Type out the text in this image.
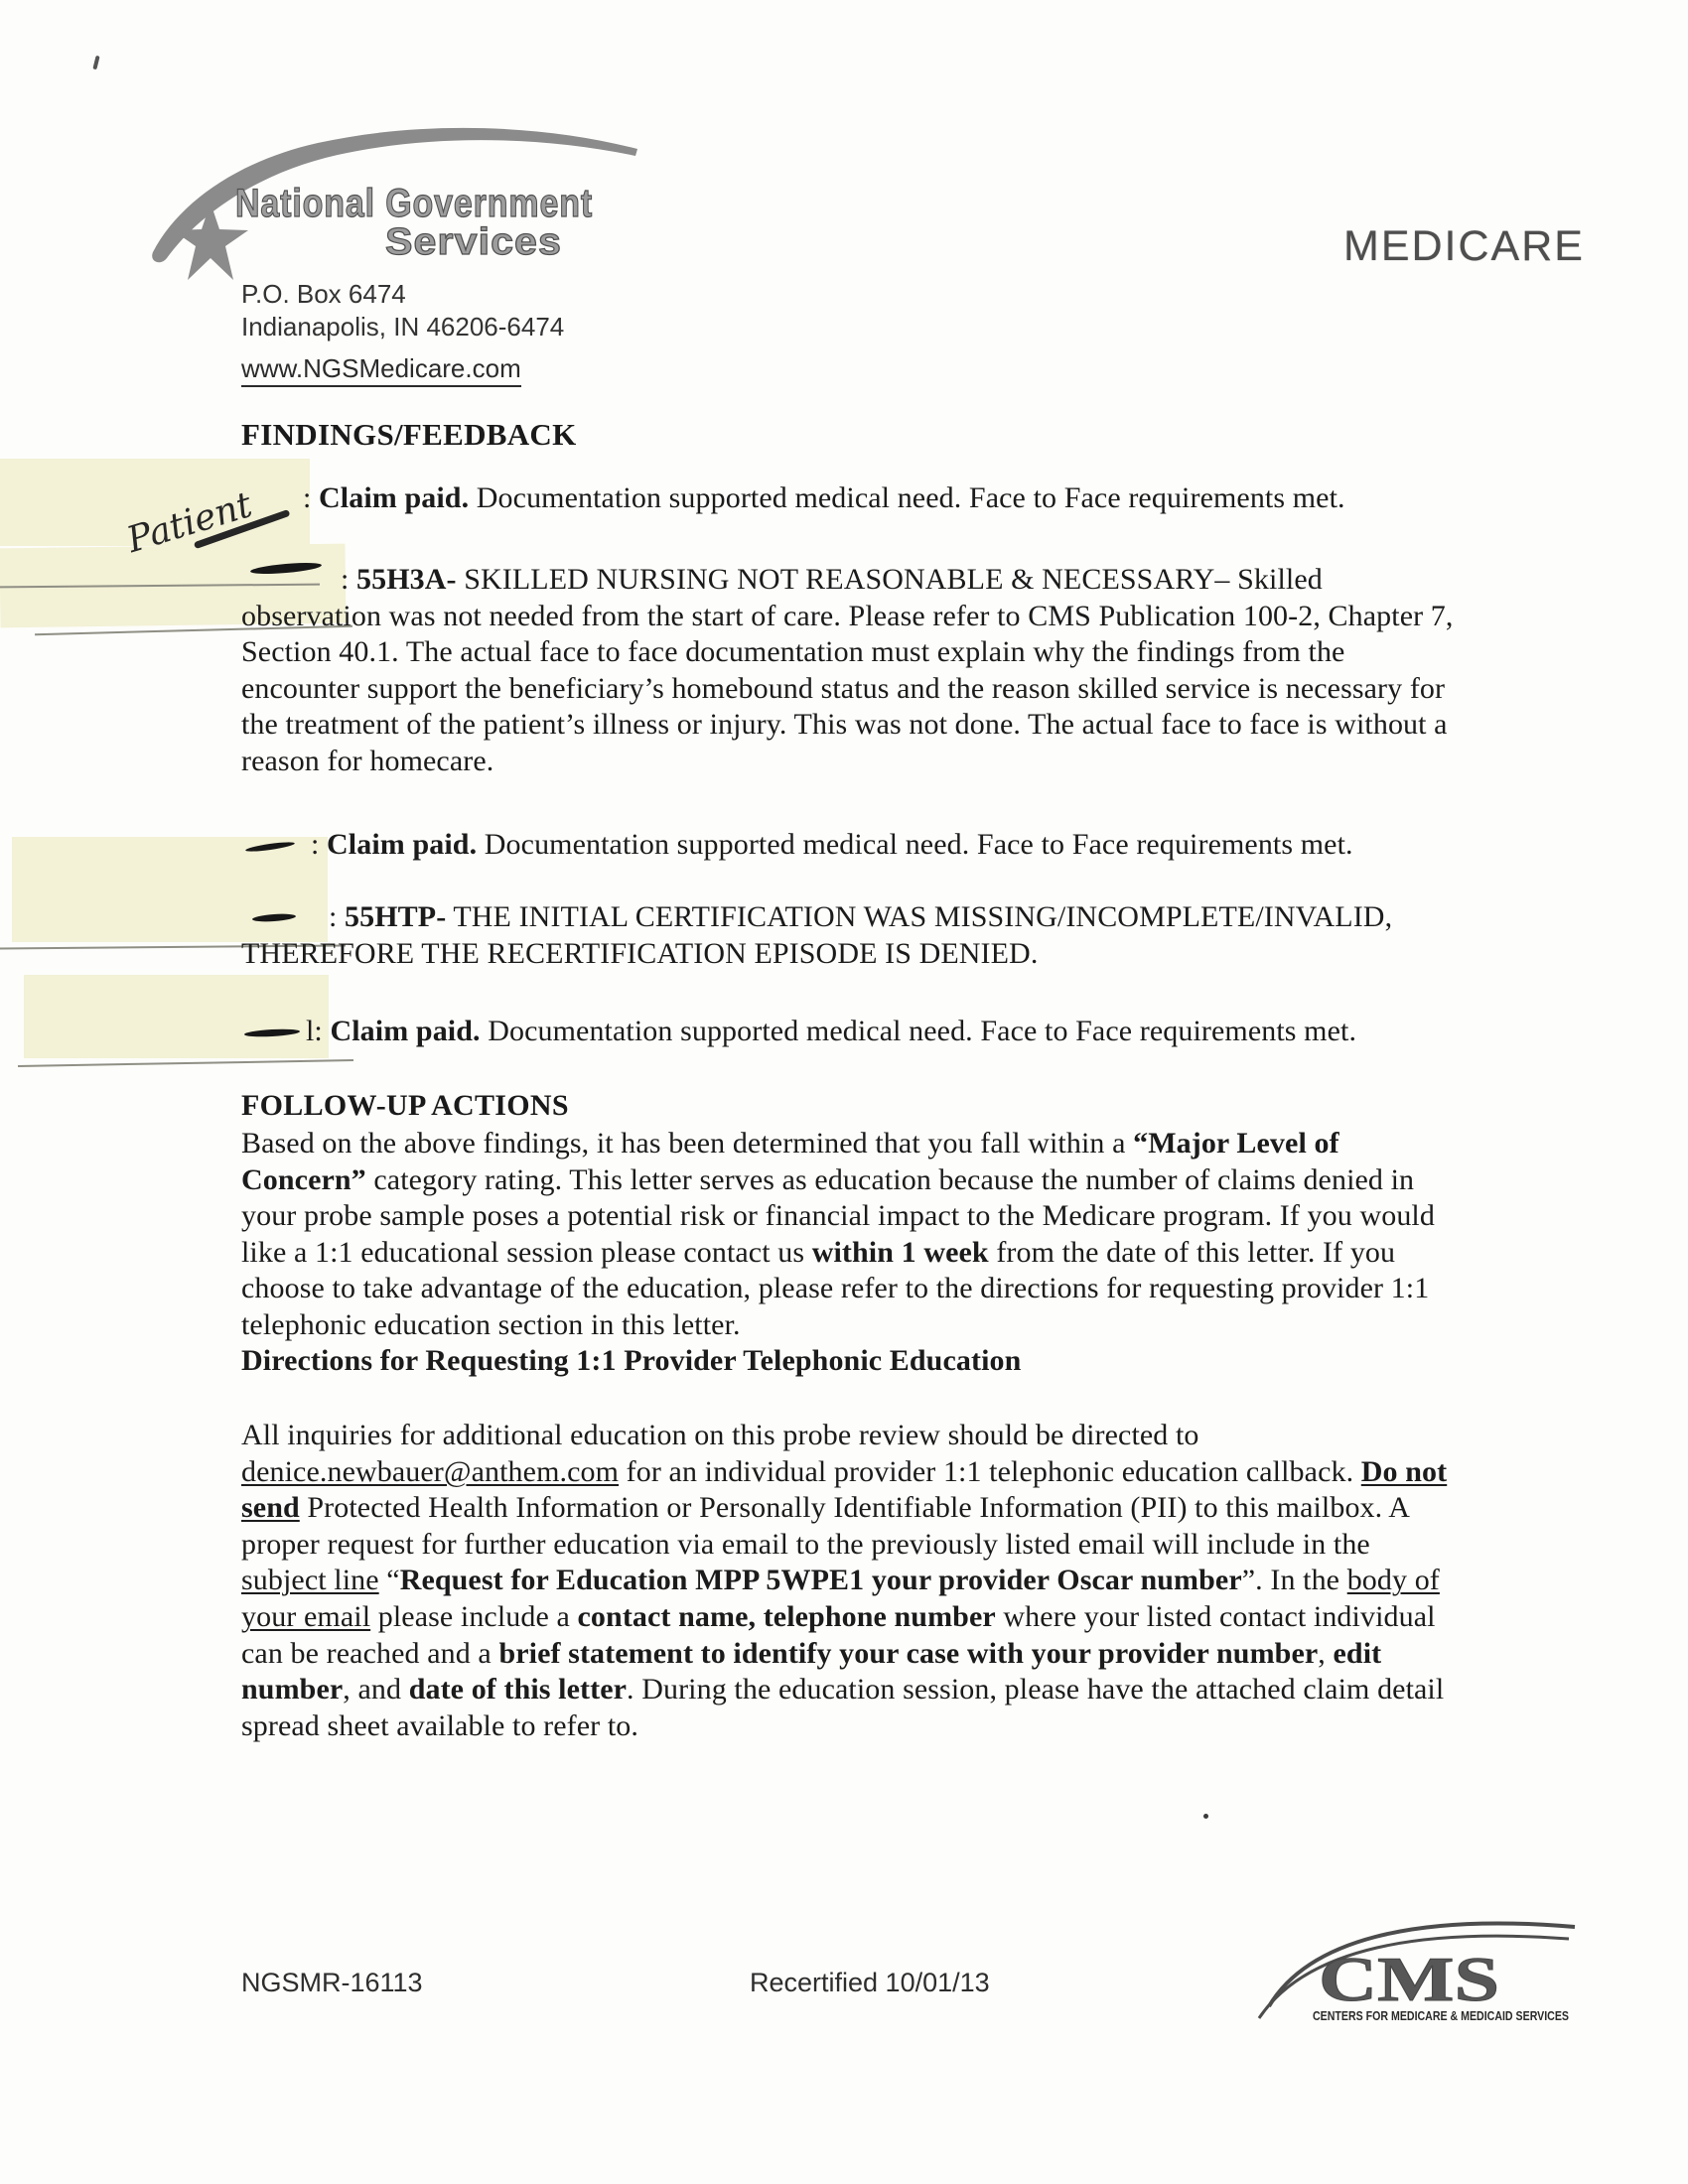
National Government
Services	MEDICARE
P.O. Box 6474
Indianapolis, IN 46206-6474
www.NGSMedicare.com
FINDINGS/FEEDBACK
Patient : Claim paid. Documentation supported medical need. Face to Face requirements met.
: 55H3A- SKILLED NURSING NOT REASONABLE & NECESSARY– Skilled observation was not needed from the start of care. Please refer to CMS Publication 100-2, Chapter 7, Section 40.1. The actual face to face documentation must explain why the findings from the encounter support the beneficiary’s homebound status and the reason skilled service is necessary for the treatment of the patient’s illness or injury. This was not done. The actual face to face is without a reason for homecare.
: Claim paid. Documentation supported medical need. Face to Face requirements met.
: 55HTP- THE INITIAL CERTIFICATION WAS MISSING/INCOMPLETE/INVALID, THEREFORE THE RECERTIFICATION EPISODE IS DENIED.
l: Claim paid. Documentation supported medical need. Face to Face requirements met.
FOLLOW-UP ACTIONS
Based on the above findings, it has been determined that you fall within a “Major Level of Concern” category rating. This letter serves as education because the number of claims denied in your probe sample poses a potential risk or financial impact to the Medicare program. If you would like a 1:1 educational session please contact us within 1 week from the date of this letter. If you choose to take advantage of the education, please refer to the directions for requesting provider 1:1 telephonic education section in this letter.
Directions for Requesting 1:1 Provider Telephonic Education
All inquiries for additional education on this probe review should be directed to denice.newbauer@anthem.com for an individual provider 1:1 telephonic education callback. Do not send Protected Health Information or Personally Identifiable Information (PII) to this mailbox. A proper request for further education via email to the previously listed email will include in the subject line “Request for Education MPP 5WPE1 your provider Oscar number”. In the body of your email please include a contact name, telephone number where your listed contact individual can be reached and a brief statement to identify your case with your provider number, edit number, and date of this letter. During the education session, please have the attached claim detail spread sheet available to refer to.
NGSMR-16113	Recertified 10/01/13	CMS
CENTERS FOR MEDICARE & MEDICAID SERVICES
